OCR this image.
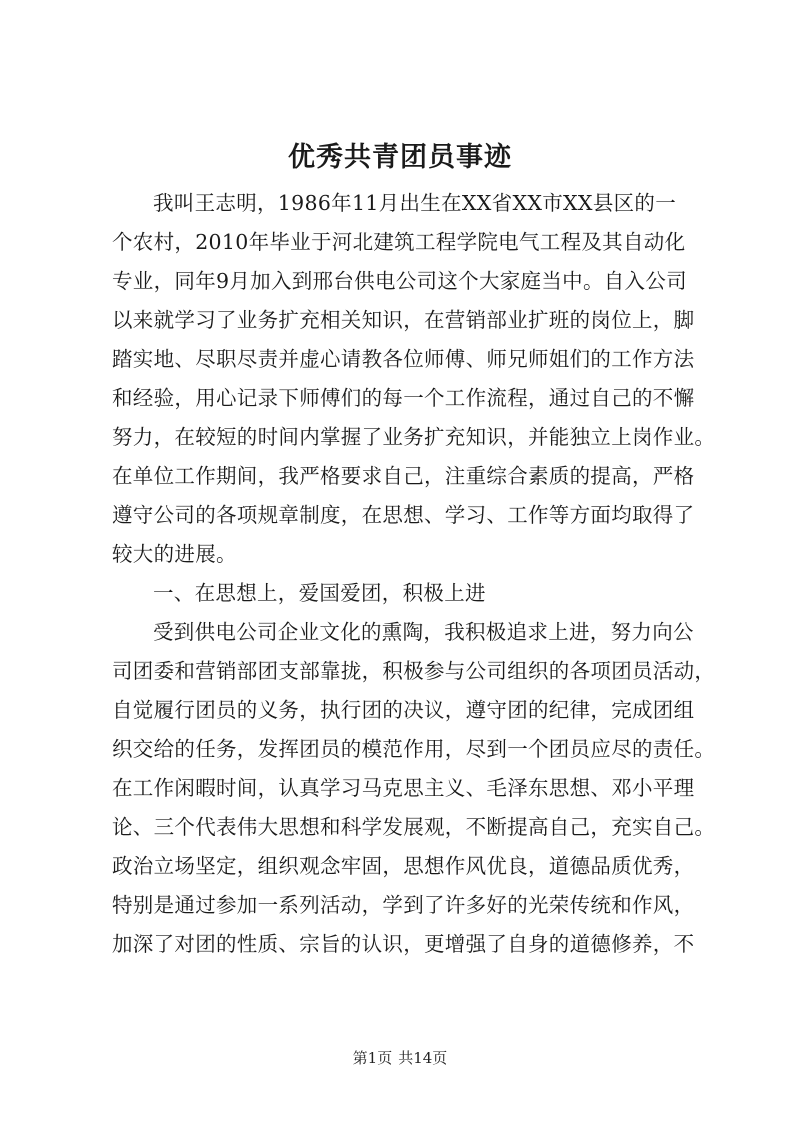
优秀共青团员事迹
我叫王志明，1986年11月出生在XX省XX市XX县区的一
个农村，2010年毕业于河北建筑工程学院电气工程及其自动化
专业，同年9月加入到邢台供电公司这个大家庭当中。自入公司
以来就学习了业务扩充相关知识，在营销部业扩班的岗位上，脚
踏实地、尽职尽责并虚心请教各位师傅、师兄师姐们的工作方法
和经验，用心记录下师傅们的每一个工作流程，通过自己的不懈
努力，在较短的时间内掌握了业务扩充知识，并能独立上岗作业。
在单位工作期间，我严格要求自己，注重综合素质的提高，严格
遵守公司的各项规章制度，在思想、学习、工作等方面均取得了
较大的进展。
一、在思想上，爱国爱团，积极上进
受到供电公司企业文化的熏陶，我积极追求上进，努力向公
司团委和营销部团支部靠拢，积极参与公司组织的各项团员活动，
自觉履行团员的义务，执行团的决议，遵守团的纪律，完成团组
织交给的任务，发挥团员的模范作用，尽到一个团员应尽的责任。
在工作闲暇时间，认真学习马克思主义、毛泽东思想、邓小平理
论、三个代表伟大思想和科学发展观，不断提高自己，充实自己。
政治立场坚定，组织观念牢固，思想作风优良，道德品质优秀，
特别是通过参加一系列活动，学到了许多好的光荣传统和作风，
加深了对团的性质、宗旨的认识，更增强了自身的道德修养，不
第1页 共14页
